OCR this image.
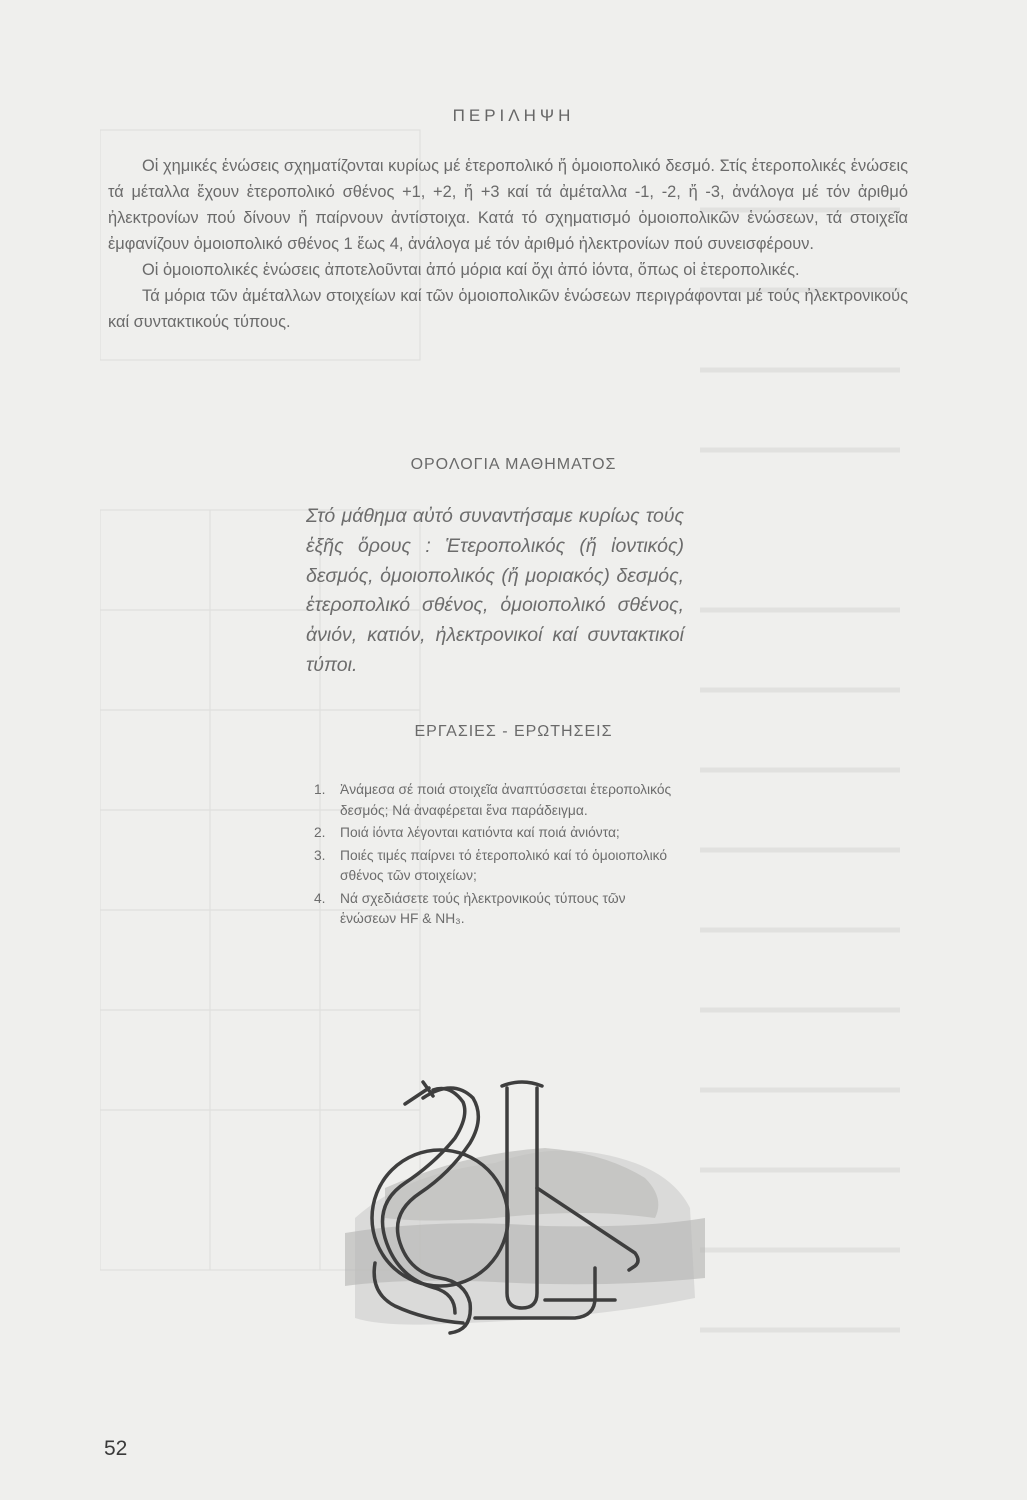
ΠΕΡΙΛΗΨΗ

Οἱ χημικές ἑνώσεις σχηματίζονται κυρίως μέ ἑτεροπολικό ἤ ὁμοιοπολικό δεσμό. Στίς ἑτεροπολικές ἑνώσεις τά μέταλλα ἔχουν ἑτεροπολικό σθένος +1, +2, ἤ +3 καί τά ἀμέταλλα -1, -2, ἤ -3, ἀνάλογα μέ τόν ἀριθμό ἠλεκτρονίων πού δίνουν ἤ παίρνουν ἀντίστοιχα. Κατά τό σχηματισμό ὁμοιοπολικῶν ἑνώσεων, τά στοιχεῖα ἐμφανίζουν ὁμοιοπολικό σθένος 1 ἕως 4, ἀνάλογα μέ τόν ἀριθμό ἠλεκτρονίων πού συνεισφέρουν.

Οἱ ὁμοιοπολικές ἑνώσεις ἀποτελοῦνται ἀπό μόρια καί ὄχι ἀπό ἰόντα, ὅπως οἱ ἑτεροπολικές.

Τά μόρια τῶν ἀμέταλλων στοιχείων καί τῶν ὁμοιοπολικῶν ἑνώσεων περιγράφονται μέ τούς ἠλεκτρονικούς καί συντακτικούς τύπους.

ΟΡΟΛΟΓΙΑ ΜΑΘΗΜΑΤΟΣ

Στό μάθημα αὐτό συναντήσαμε κυρίως τούς ἑξῆς ὅρους : Ἑτεροπολικός (ἤ ἰοντικός) δεσμός, ὁμοιοπολικός (ἤ μοριακός) δεσμός, ἑτεροπολικό σθένος, ὁμοιοπολικό σθένος, ἀνιόν, κατιόν, ἠλεκτρονικοί καί συντακτικοί τύποι.

ΕΡΓΑΣΙΕΣ - ΕΡΩΤΗΣΕΙΣ
1. Ἀνάμεσα σέ ποιά στοιχεῖα ἀναπτύσσεται ἑτεροπολικός δεσμός; Νά ἀναφέρεται ἕνα παράδειγμα.
2. Ποιά ἰόντα λέγονται κατιόντα καί ποιά ἀνιόντα;
3. Ποιές τιμές παίρνει τό ἑτεροπολικό καί τό ὁμοιοπολικό σθένος τῶν στοιχείων;
4. Νά σχεδιάσετε τούς ἠλεκτρονικούς τύπους τῶν ἑνώσεων HF & NH₃.

52
